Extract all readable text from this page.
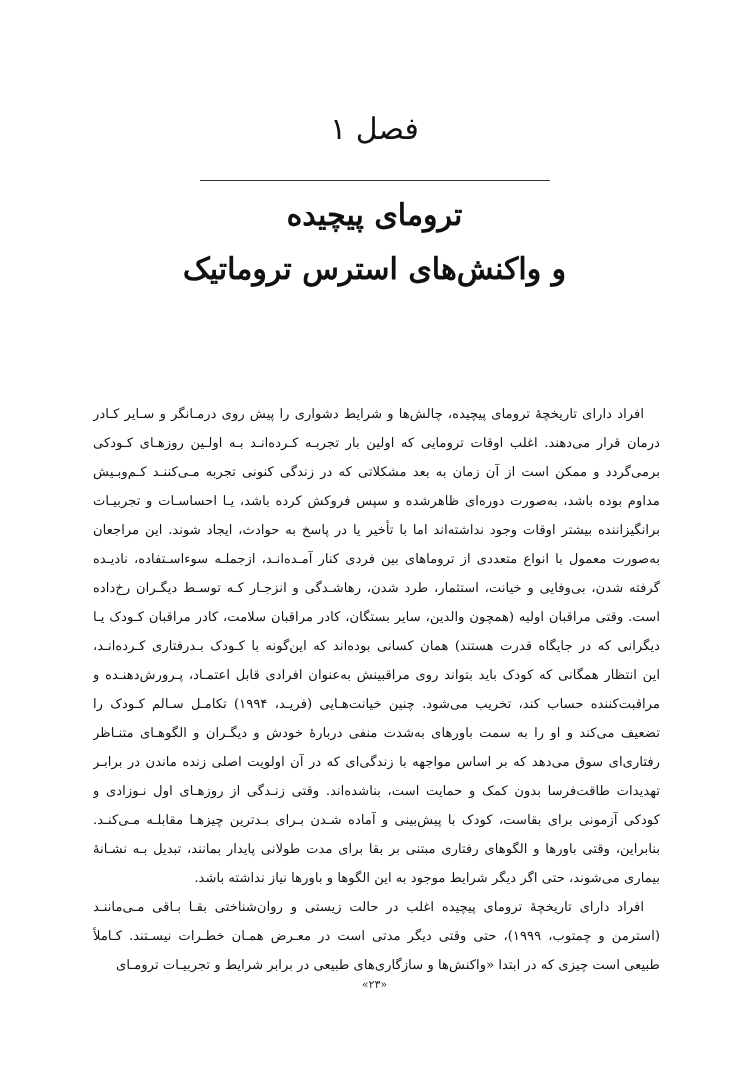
فصل ۱
ترومای پیچیده
و واکنش‌های استرس تروماتیک
افراد دارای تاریخچهٔ ترومای پیچیده، چالش‌ها و شرایط دشواری را پیش روی درمـانگر و سـایر کـادر
درمان قرار می‌دهند. اغلب اوقات ترومایی که اولین بار تجربـه کـرده‌انـد بـه اولـین روزهـای کـودکی
برمی‌گردد و ممکن است از آن زمان به بعد مشکلاتی که در زندگی کنونی تجربه مـی‌کننـد کـم‌وبـیش
مداوم بوده باشد، به‌صورت دوره‌ای ظاهرشده و سپس فروکش کرده باشد، یـا احساسـات و تجربیـات
برانگیزاننده بیشتر اوقات وجود نداشته‌اند اما با تأخیر یا در پاسخ به حوادث، ایجاد شوند. این مراجعان
به‌صورت معمول با انواع متعددی از تروماهای بین فردی کنار آمـده‌انـد، ازجملـه سوءاسـتفاده، نادیـده
گرفته شدن، بی‌وفایی و خیانت، استثمار، طرد شدن، رهاشـدگی و انزجـار کـه توسـط دیگـران رخ‌داده
است. وقتی مراقبان اولیه (همچون والدین، سایر بستگان، کادر مراقبان سلامت، کادر مراقبان کـودک یـا
دیگرانی که در جایگاه قدرت هستند) همان کسانی بوده‌اند که این‌گونه با کـودک بـدرفتاری کـرده‌انـد،
این انتظار همگانی که کودک باید بتواند روی مراقبینش به‌عنوان افرادی قابل اعتمـاد، پـرورش‌دهنـده و
مراقبت‌کننده حساب کند، تخریب می‌شود. چنین خیانت‌هـایی (فریـد، ۱۹۹۴) تکامـل سـالم کـودک را
تضعیف می‌کند و او را به سمت باورهای به‌شدت منفی دربارهٔ خودش و دیگـران و الگوهـای متنـاظر
رفتاری‌ای سوق می‌دهد که بر اساس مواجهه با زندگی‌ای که در آن اولویت اصلی زنده ماندن در برابـر
تهدیدات طاقت‌فرسا بدون کمک و حمایت است، بناشده‌اند. وقتی زنـدگی از روزهـای اول نـوزادی و
کودکی آزمونی برای بقاست، کودک با پیش‌بینی و آماده شـدن بـرای بـدترین چیزهـا مقابلـه مـی‌کنـد.
بنابراین، وقتی باورها و الگوهای رفتاری مبتنی بر بقا برای مدت طولانی پایدار بمانند، تبدیل بـه نشـانهٔ
بیماری می‌شوند، حتی اگر دیگر شرایط موجود به این الگوها و باورها نیاز نداشته باشد.
افراد دارای تاریخچهٔ ترومای پیچیده اغلب در حالت زیستی و روان‌شناختی بقـا بـاقی مـی‌ماننـد
(استرمن و چمتوب، ۱۹۹۹)، حتی وقتی دیگر مدتی است در معـرض همـان خطـرات نیسـتند. کـاملاً
طبیعی است چیزی که در ابتدا «واکنش‌ها و سازگاری‌های طبیعی در برابر شرایط و تجربیـات ترومـای
«۲۳»
